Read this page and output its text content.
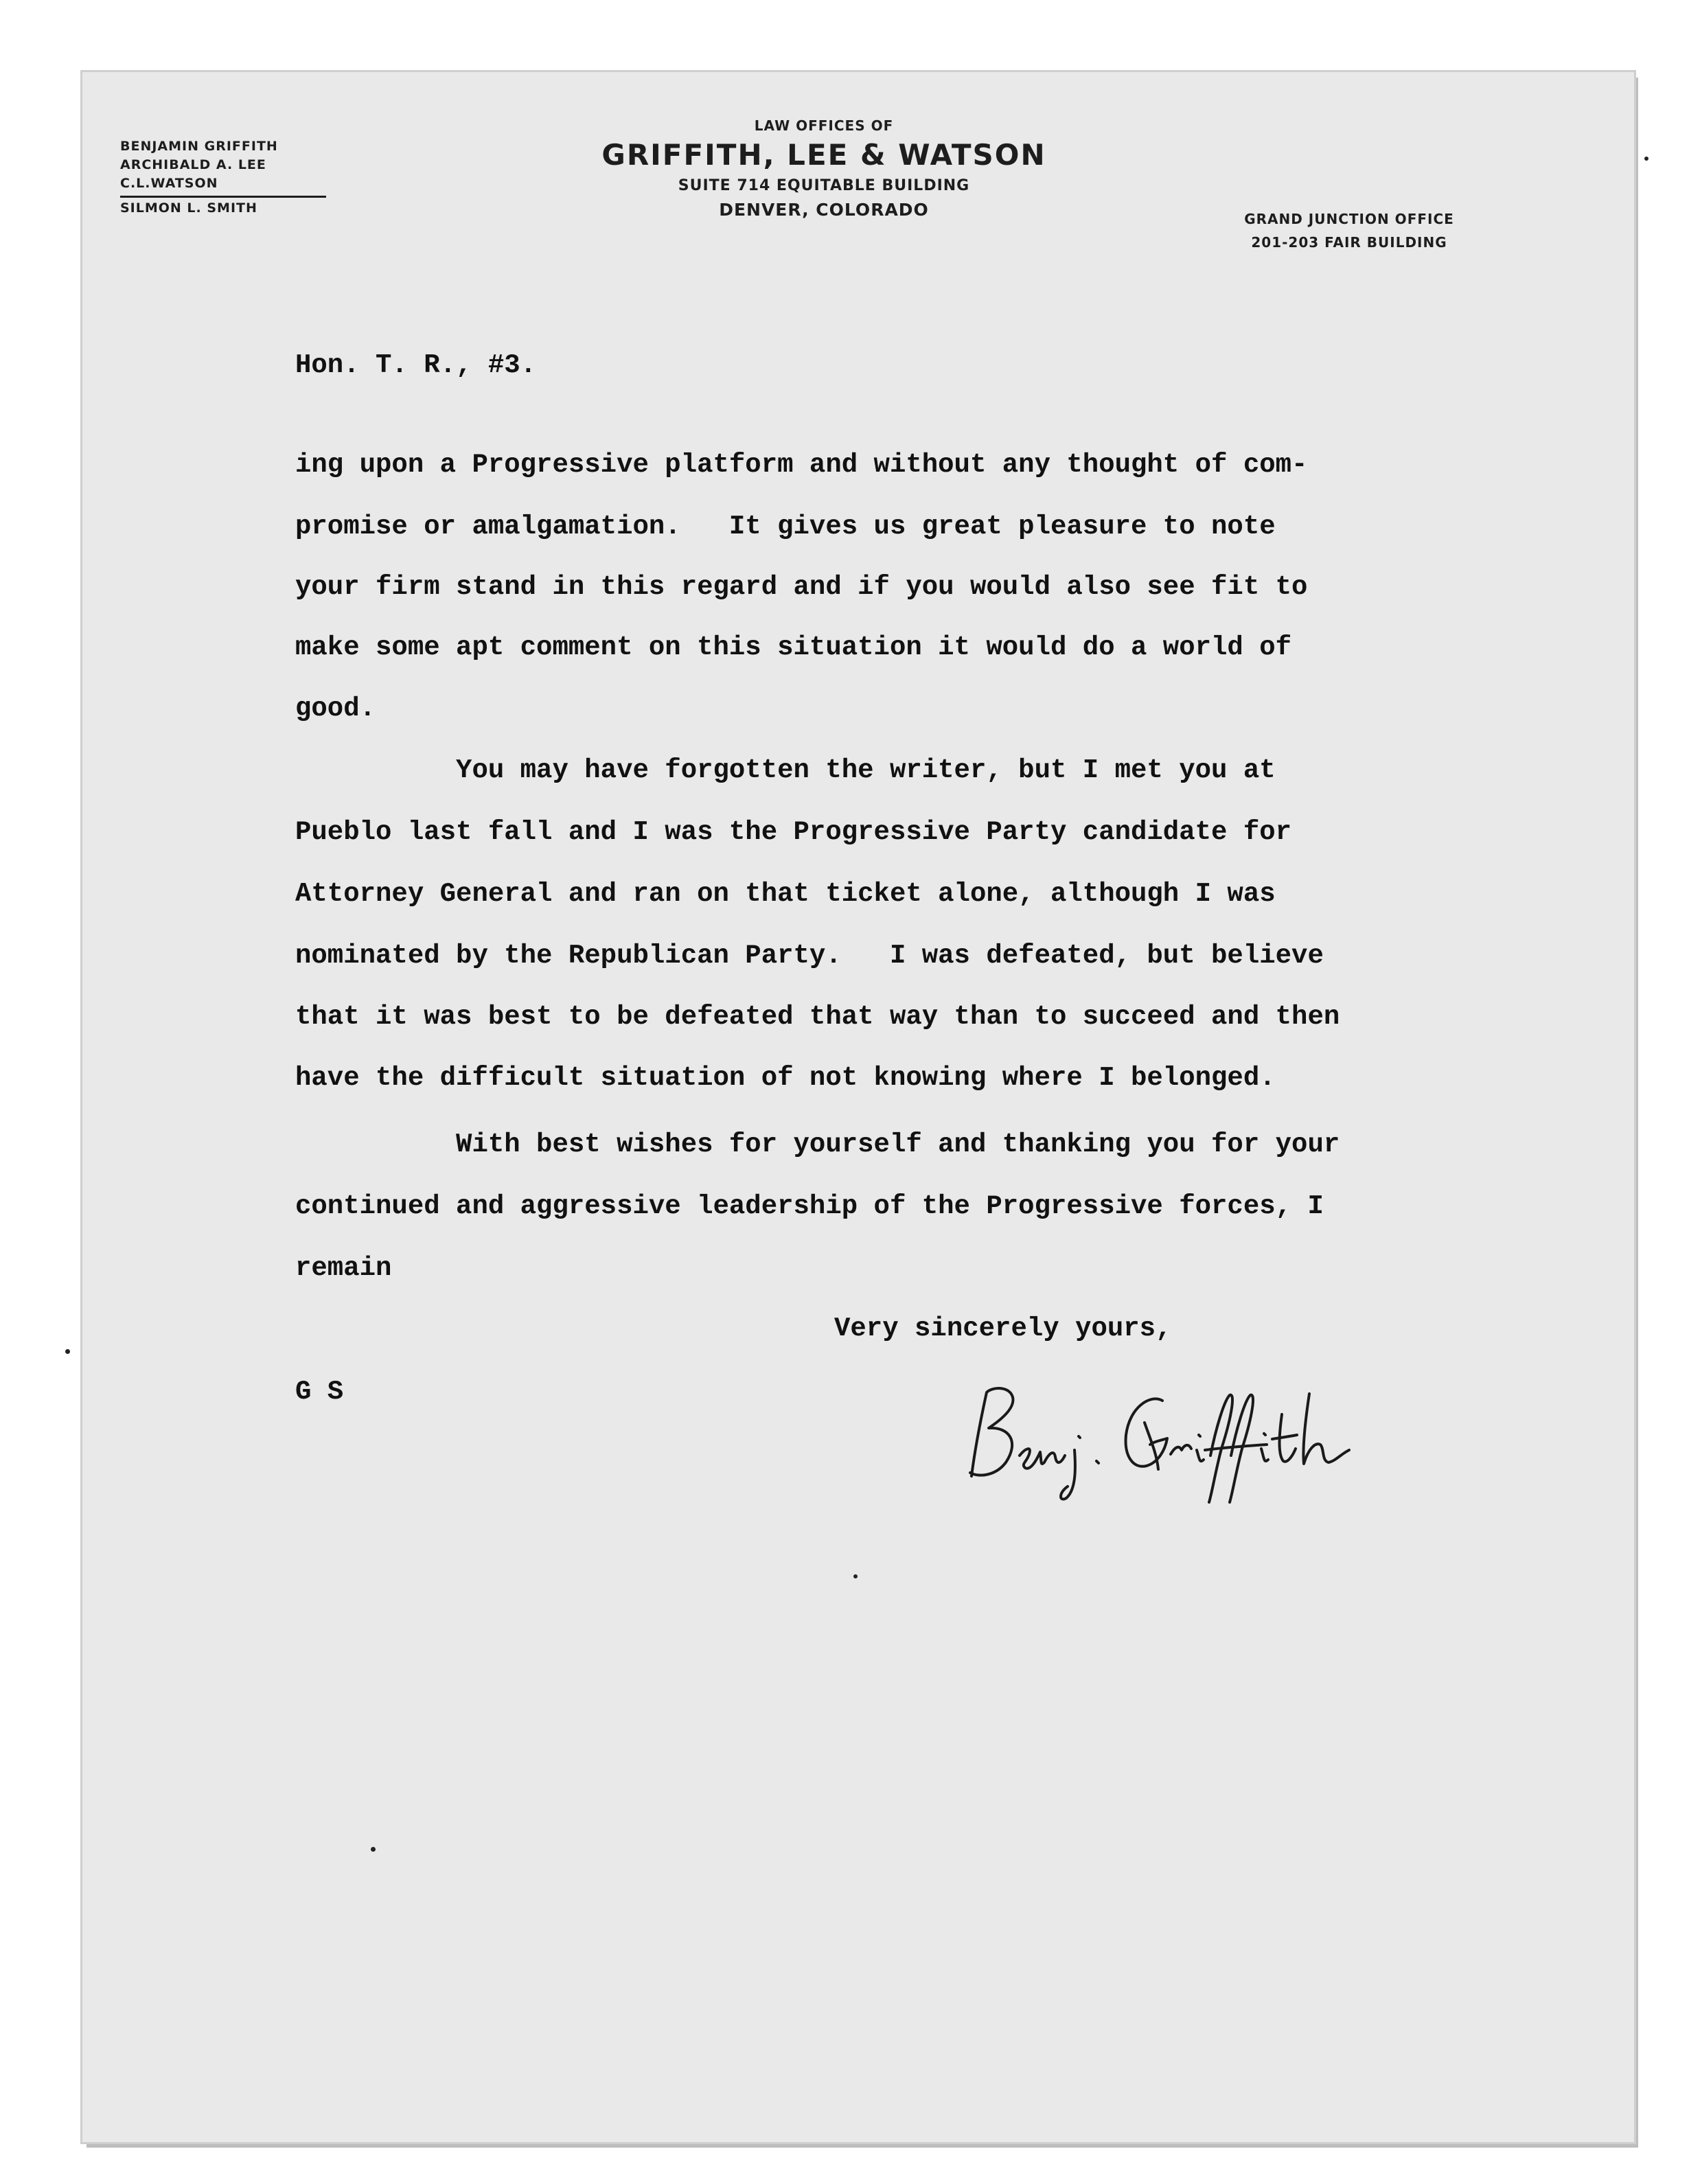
BENJAMIN GRIFFITH
ARCHIBALD A. LEE
C.L.WATSON
SILMON L. SMITH
LAW OFFICES OF
GRIFFITH, LEE & WATSON
SUITE 714 EQUITABLE BUILDING
DENVER, COLORADO	GRAND JUNCTION OFFICE
201-203 FAIR BUILDING

Hon. T. R., #3.

ing upon a Progressive platform and without any thought of com-

promise or amalgamation.   It gives us great pleasure to note

your firm stand in this regard and if you would also see fit to

make some apt comment on this situation it would do a world of

good.

You may have forgotten the writer, but I met you at

Pueblo last fall and I was the Progressive Party candidate for

Attorney General and ran on that ticket alone, although I was

nominated by the Republican Party.   I was defeated, but believe

that it was best to be defeated that way than to succeed and then

have the difficult situation of not knowing where I belonged.

With best wishes for yourself and thanking you for your

continued and aggressive leadership of the Progressive forces, I

remain

Very sincerely yours,

G S
